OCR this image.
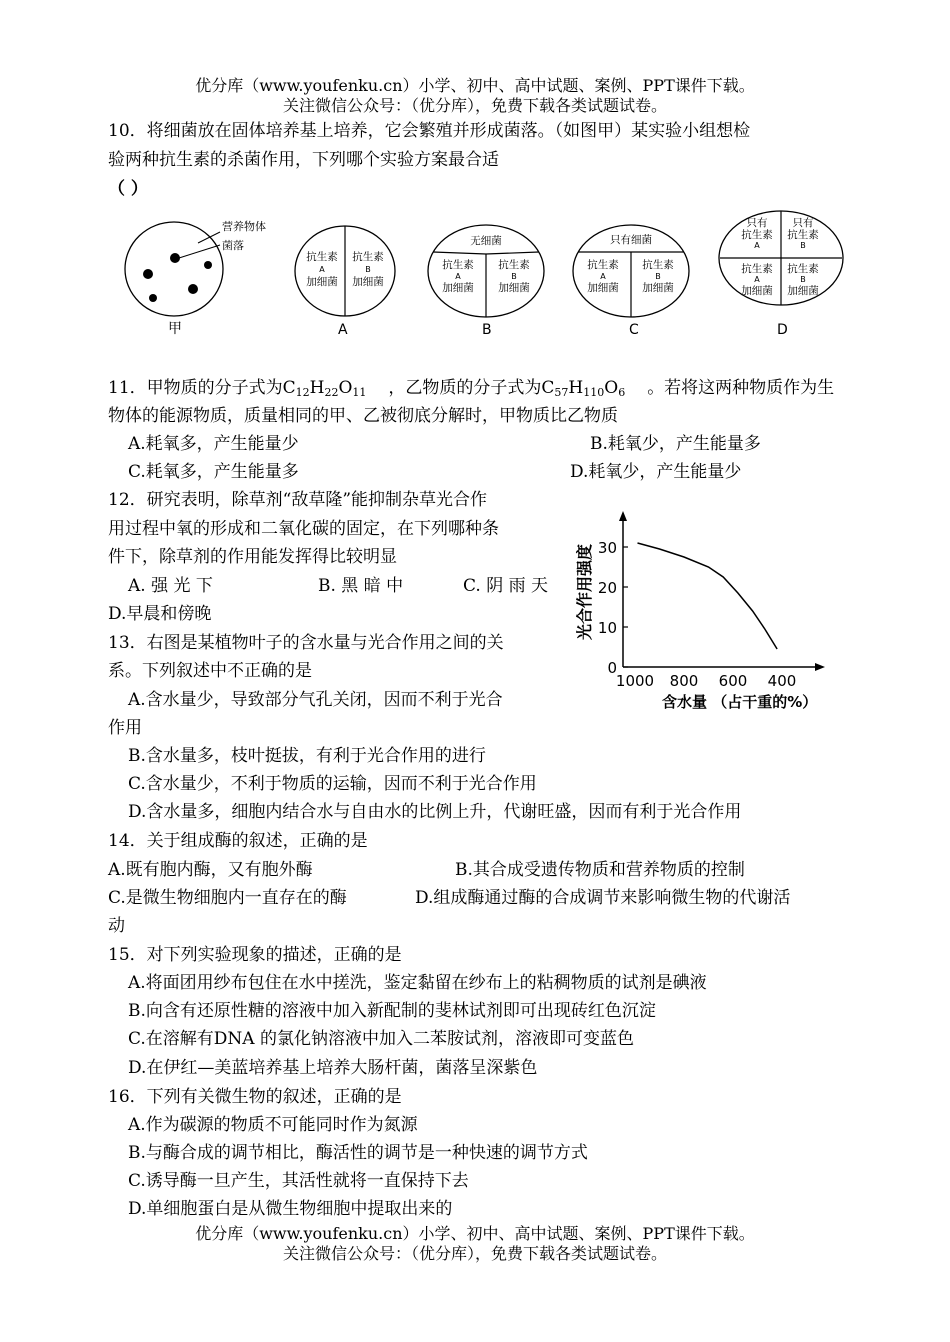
优分库（www.youfenku.cn）小学、初中、高中试题、案例、PPT课件下载。
关注微信公众号：（优分库），免费下载各类试题试卷。
10．将细菌放在固体培养基上培养，它会繁殖并形成菌落。（如图甲）某实验小组想检
验两种抗生素的杀菌作用，下列哪个实验方案最合适
（ ）
营养物体
菌落
甲
抗生素
A
加细菌
抗生素
B
加细菌
A
无细菌
抗生素
A
加细菌
抗生素
B
加细菌
B
只有细菌
抗生素
A
加细菌
抗生素
B
加细菌
C
只有
抗生素
A
只有
抗生素
B
抗生素
A
加细菌
抗生素
B
加细菌
D
11．甲物质的分子式为$C_{12}H_{22}O_{11}$ ，乙物质的分子式为$C_{57}H_{110}O_6$ 。若将这两种物质作为生
物体的能源物质，质量相同的甲、乙被彻底分解时，甲物质比乙物质
A.耗氧多，产生能量少	B.耗氧少，产生能量多
C.耗氧多，产生能量多	D.耗氧少，产生能量少
12．研究表明，除草剂“敌草隆”能抑制杂草光合作
用过程中氧的形成和二氧化碳的固定，在下列哪种条
件下，除草剂的作用能发挥得比较明显
A. 强 光 下	B. 黑 暗 中	C. 阴 雨 天
D.早晨和傍晚
13．右图是某植物叶子的含水量与光合作用之间的关
系。下列叙述中不正确的是
A.含水量少，导致部分气孔关闭，因而不利于光合
作用
B.含水量多，枝叶挺拔，有利于光合作用的进行
C.含水量少，不利于物质的运输，因而不利于光合作用
D.含水量多，细胞内结合水与自由水的比例上升，代谢旺盛，因而有利于光合作用
光合作用强度
含水量 （占干重的%）
0
10
20
30
1000 800 600 400
14．关于组成酶的叙述，正确的是
A.既有胞内酶，又有胞外酶	B.其合成受遗传物质和营养物质的控制
C.是微生物细胞内一直存在的酶	D.组成酶通过酶的合成调节来影响微生物的代谢活
动
15．对下列实验现象的描述，正确的是
A.将面团用纱布包住在水中搓洗，鉴定黏留在纱布上的粘稠物质的试剂是碘液
B.向含有还原性糖的溶液中加入新配制的斐林试剂即可出现砖红色沉淀
C.在溶解有DNA 的氯化钠溶液中加入二苯胺试剂，溶液即可变蓝色
D.在伊红—美蓝培养基上培养大肠杆菌，菌落呈深紫色
16．下列有关微生物的叙述，正确的是
A.作为碳源的物质不可能同时作为氮源
B.与酶合成的调节相比，酶活性的调节是一种快速的调节方式
C.诱导酶一旦产生，其活性就将一直保持下去
D.单细胞蛋白是从微生物细胞中提取出来的
优分库（www.youfenku.cn）小学、初中、高中试题、案例、PPT课件下载。
关注微信公众号：（优分库），免费下载各类试题试卷。
